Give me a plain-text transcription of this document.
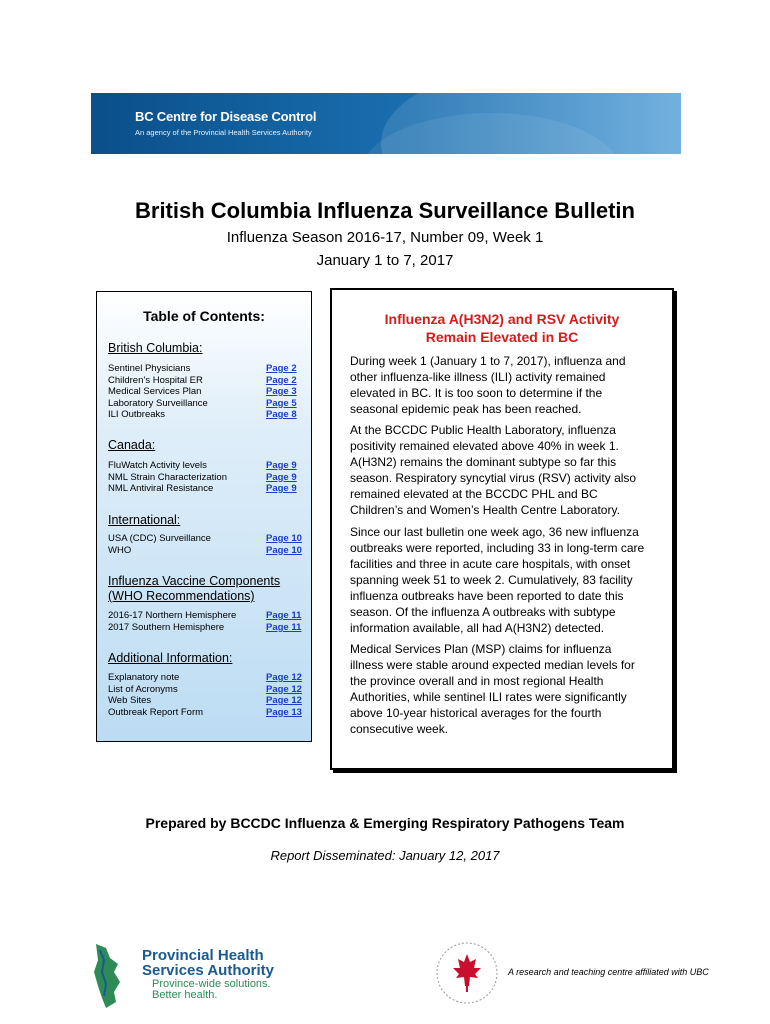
BC Centre for Disease Control
An agency of the Provincial Health Services Authority
British Columbia Influenza Surveillance Bulletin
Influenza Season 2016-17, Number 09, Week 1
January 1 to 7, 2017
Table of Contents:
British Columbia:
Sentinel Physicians	Page 2
Children’s Hospital ER	Page 2
Medical Services Plan	Page 3
Laboratory Surveillance	Page 5
ILI Outbreaks	Page 8
Canada:
FluWatch Activity levels	Page 9
NML Strain Characterization	Page 9
NML Antiviral Resistance	Page 9
International:
USA (CDC) Surveillance	Page 10
WHO	Page 10
Influenza Vaccine Components
(WHO Recommendations)
2016-17 Northern Hemisphere	Page 11
2017 Southern Hemisphere	Page 11
Additional Information:
Explanatory note	Page 12
List of Acronyms	Page 12
Web Sites	Page 12
Outbreak Report Form	Page 13
Influenza A(H3N2) and RSV Activity
Remain Elevated in BC
During week 1 (January 1 to 7, 2017), influenza and
other influenza-like illness (ILI) activity remained
elevated in BC. It is too soon to determine if the
seasonal epidemic peak has been reached.
At the BCCDC Public Health Laboratory, influenza
positivity remained elevated above 40% in week 1.
A(H3N2) remains the dominant subtype so far this
season. Respiratory syncytial virus (RSV) activity also
remained elevated at the BCCDC PHL and BC
Children’s and Women’s Health Centre Laboratory.
Since our last bulletin one week ago, 36 new influenza
outbreaks were reported, including 33 in long-term care
facilities and three in acute care hospitals, with onset
spanning week 51 to week 2. Cumulatively, 83 facility
influenza outbreaks have been reported to date this
season. Of the influenza A outbreaks with subtype
information available, all had A(H3N2) detected.
Medical Services Plan (MSP) claims for influenza
illness were stable around expected median levels for
the province overall and in most regional Health
Authorities, while sentinel ILI rates were significantly
above 10-year historical averages for the fourth
consecutive week.
Prepared by BCCDC Influenza & Emerging Respiratory Pathogens Team
Report Disseminated: January 12, 2017
Provincial Health
Services Authority
Province-wide solutions.
Better health.
A research and teaching centre affiliated with UBC
